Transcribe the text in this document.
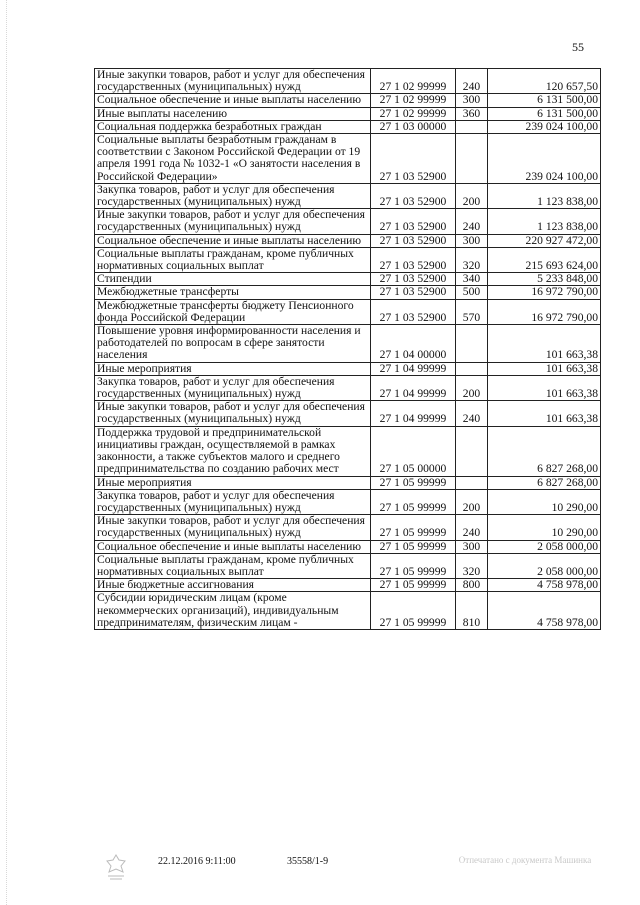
55
Иные закупки товаров, работ и услуг для обеспечения государственных (муниципальных) нужд	27 1 02 99999	240	120 657,50
Социальное обеспечение и иные выплаты населению	27 1 02 99999	300	6 131 500,00
Иные выплаты населению	27 1 02 99999	360	6 131 500,00
Социальная поддержка безработных граждан	27 1 03 00000		239 024 100,00
Социальные выплаты безработным гражданам в соответствии с Законом Российской Федерации от 19 апреля 1991 года № 1032-1 «О занятости населения в Российской Федерации»	27 1 03 52900		239 024 100,00
Закупка товаров, работ и услуг для обеспечения государственных (муниципальных) нужд	27 1 03 52900	200	1 123 838,00
Иные закупки товаров, работ и услуг для обеспечения государственных (муниципальных) нужд	27 1 03 52900	240	1 123 838,00
Социальное обеспечение и иные выплаты населению	27 1 03 52900	300	220 927 472,00
Социальные выплаты гражданам, кроме публичных нормативных социальных выплат	27 1 03 52900	320	215 693 624,00
Стипендии	27 1 03 52900	340	5 233 848,00
Межбюджетные трансферты	27 1 03 52900	500	16 972 790,00
Межбюджетные трансферты бюджету Пенсионного фонда Российской Федерации	27 1 03 52900	570	16 972 790,00
Повышение уровня информированности населения и работодателей по вопросам в сфере занятости населения	27 1 04 00000		101 663,38
Иные мероприятия	27 1 04 99999		101 663,38
Закупка товаров, работ и услуг для обеспечения государственных (муниципальных) нужд	27 1 04 99999	200	101 663,38
Иные закупки товаров, работ и услуг для обеспечения государственных (муниципальных) нужд	27 1 04 99999	240	101 663,38
Поддержка трудовой и предпринимательской инициативы граждан, осуществляемой в рамках законности, а также субъектов малого и среднего предпринимательства по созданию рабочих мест	27 1 05 00000		6 827 268,00
Иные мероприятия	27 1 05 99999		6 827 268,00
Закупка товаров, работ и услуг для обеспечения государственных (муниципальных) нужд	27 1 05 99999	200	10 290,00
Иные закупки товаров, работ и услуг для обеспечения государственных (муниципальных) нужд	27 1 05 99999	240	10 290,00
Социальное обеспечение и иные выплаты населению	27 1 05 99999	300	2 058 000,00
Социальные выплаты гражданам, кроме публичных нормативных социальных выплат	27 1 05 99999	320	2 058 000,00
Иные бюджетные ассигнования	27 1 05 99999	800	4 758 978,00
Субсидии юридическим лицам (кроме некоммерческих организаций), индивидуальным предпринимателям, физическим лицам -	27 1 05 99999	810	4 758 978,00
22.12.2016 9:11:00	35558/1-9	Отпечатано с документа Машинка
